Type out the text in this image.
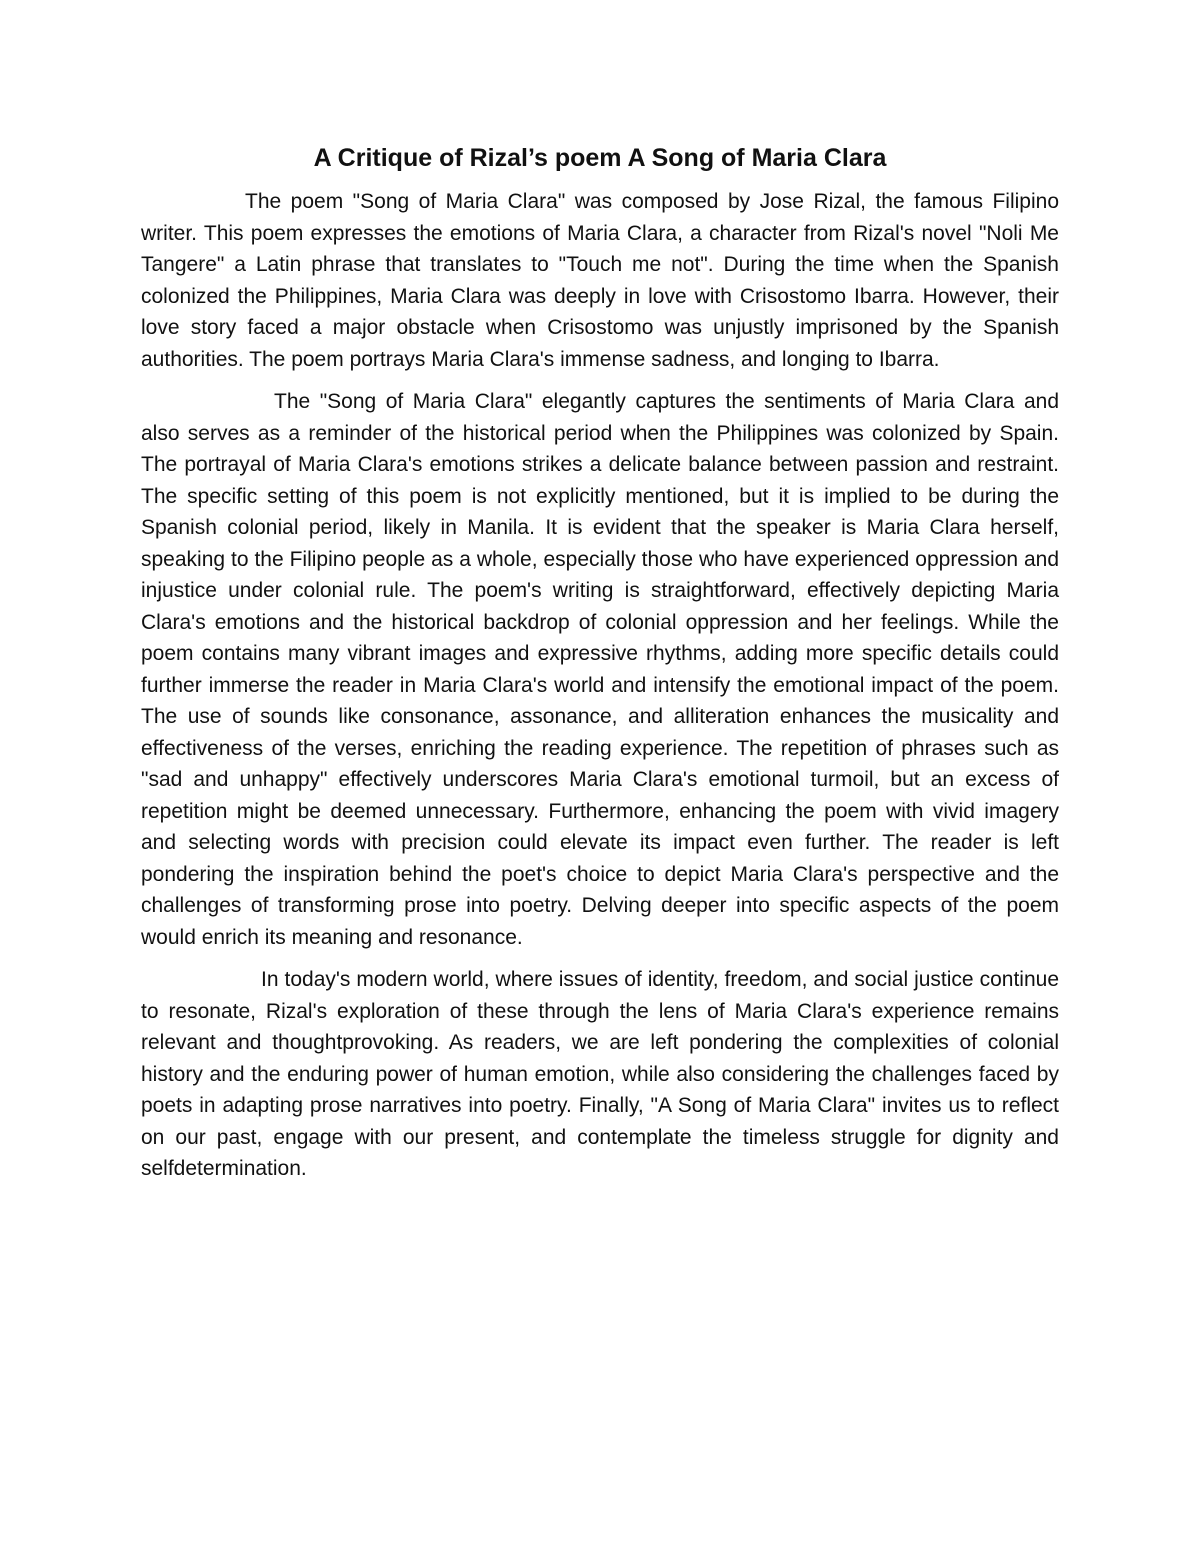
A Critique of Rizal’s poem A Song of Maria Clara

The poem "Song of Maria Clara" was composed by Jose Rizal, the famous Filipino writer. This poem expresses the emotions of Maria Clara, a character from Rizal's novel "Noli Me Tangere" a Latin phrase that translates to "Touch me not". During the time when the Spanish colonized the Philippines, Maria Clara was deeply in love with Crisostomo Ibarra. However, their love story faced a major obstacle when Crisostomo was unjustly imprisoned by the Spanish authorities. The poem portrays Maria Clara's immense sadness, and longing to Ibarra.

The "Song of Maria Clara" elegantly captures the sentiments of Maria Clara and also serves as a reminder of the historical period when the Philippines was colonized by Spain. The portrayal of Maria Clara's emotions strikes a delicate balance between passion and restraint. The specific setting of this poem is not explicitly mentioned, but it is implied to be during the Spanish colonial period, likely in Manila. It is evident that the speaker is Maria Clara herself, speaking to the Filipino people as a whole, especially those who have experienced oppression and injustice under colonial rule. The poem's writing is straightforward, effectively depicting Maria Clara's emotions and the historical backdrop of colonial oppression and her feelings. While the poem contains many vibrant images and expressive rhythms, adding more specific details could further immerse the reader in Maria Clara's world and intensify the emotional impact of the poem. The use of sounds like consonance, assonance, and alliteration enhances the musicality and effectiveness of the verses, enriching the reading experience. The repetition of phrases such as "sad and unhappy" effectively underscores Maria Clara's emotional turmoil, but an excess of repetition might be deemed unnecessary. Furthermore, enhancing the poem with vivid imagery and selecting words with precision could elevate its impact even further. The reader is left pondering the inspiration behind the poet's choice to depict Maria Clara's perspective and the challenges of transforming prose into poetry. Delving deeper into specific aspects of the poem would enrich its meaning and resonance.

In today's modern world, where issues of identity, freedom, and social justice continue to resonate, Rizal's exploration of these through the lens of Maria Clara's experience remains relevant and thoughtprovoking. As readers, we are left pondering the complexities of colonial history and the enduring power of human emotion, while also considering the challenges faced by poets in adapting prose narratives into poetry. Finally, "A Song of Maria Clara" invites us to reflect on our past, engage with our present, and contemplate the timeless struggle for dignity and selfdetermination.
